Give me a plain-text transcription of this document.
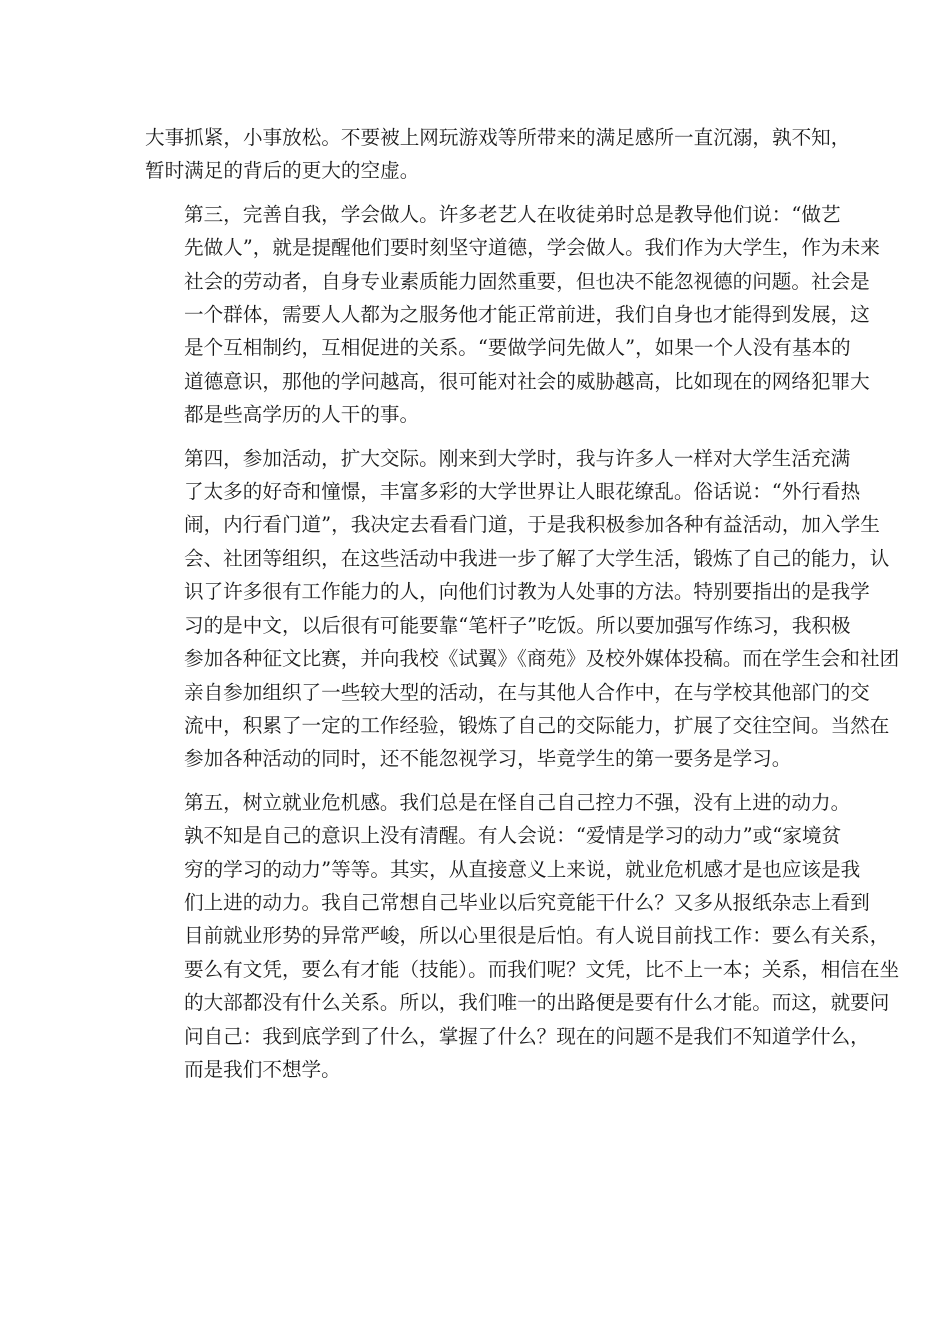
大事抓紧，小事放松。不要被上网玩游戏等所带来的满足感所一直沉溺，孰不知，
暂时满足的背后的更大的空虚。

第三，完善自我，学会做人。许多老艺人在收徒弟时总是教导他们说：“做艺
先做人”，就是提醒他们要时刻坚守道德，学会做人。我们作为大学生，作为未来
社会的劳动者，自身专业素质能力固然重要，但也决不能忽视德的问题。社会是
一个群体，需要人人都为之服务他才能正常前进，我们自身也才能得到发展，这
是个互相制约，互相促进的关系。“要做学问先做人”，如果一个人没有基本的
道德意识，那他的学问越高，很可能对社会的威胁越高，比如现在的网络犯罪大
都是些高学历的人干的事。

第四，参加活动，扩大交际。刚来到大学时，我与许多人一样对大学生活充满
了太多的好奇和憧憬，丰富多彩的大学世界让人眼花缭乱。俗话说：“外行看热
闹，内行看门道”，我决定去看看门道，于是我积极参加各种有益活动，加入学生
会、社团等组织，在这些活动中我进一步了解了大学生活，锻炼了自己的能力，认
识了许多很有工作能力的人，向他们讨教为人处事的方法。特别要指出的是我学
习的是中文，以后很有可能要靠“笔杆子”吃饭。所以要加强写作练习，我积极
参加各种征文比赛，并向我校《试翼》《商苑》及校外媒体投稿。而在学生会和社团
亲自参加组织了一些较大型的活动，在与其他人合作中，在与学校其他部门的交
流中，积累了一定的工作经验，锻炼了自己的交际能力，扩展了交往空间。当然在
参加各种活动的同时，还不能忽视学习，毕竟学生的第一要务是学习。

第五，树立就业危机感。我们总是在怪自己自己控力不强，没有上进的动力。
孰不知是自己的意识上没有清醒。有人会说：“爱情是学习的动力”或“家境贫
穷的学习的动力”等等。其实，从直接意义上来说，就业危机感才是也应该是我
们上进的动力。我自己常想自己毕业以后究竟能干什么？又多从报纸杂志上看到
目前就业形势的异常严峻，所以心里很是后怕。有人说目前找工作：要么有关系，
要么有文凭，要么有才能（技能）。而我们呢？文凭，比不上一本；关系，相信在坐
的大部都没有什么关系。所以，我们唯一的出路便是要有什么才能。而这，就要问
问自己：我到底学到了什么，掌握了什么？现在的问题不是我们不知道学什么，
而是我们不想学。
